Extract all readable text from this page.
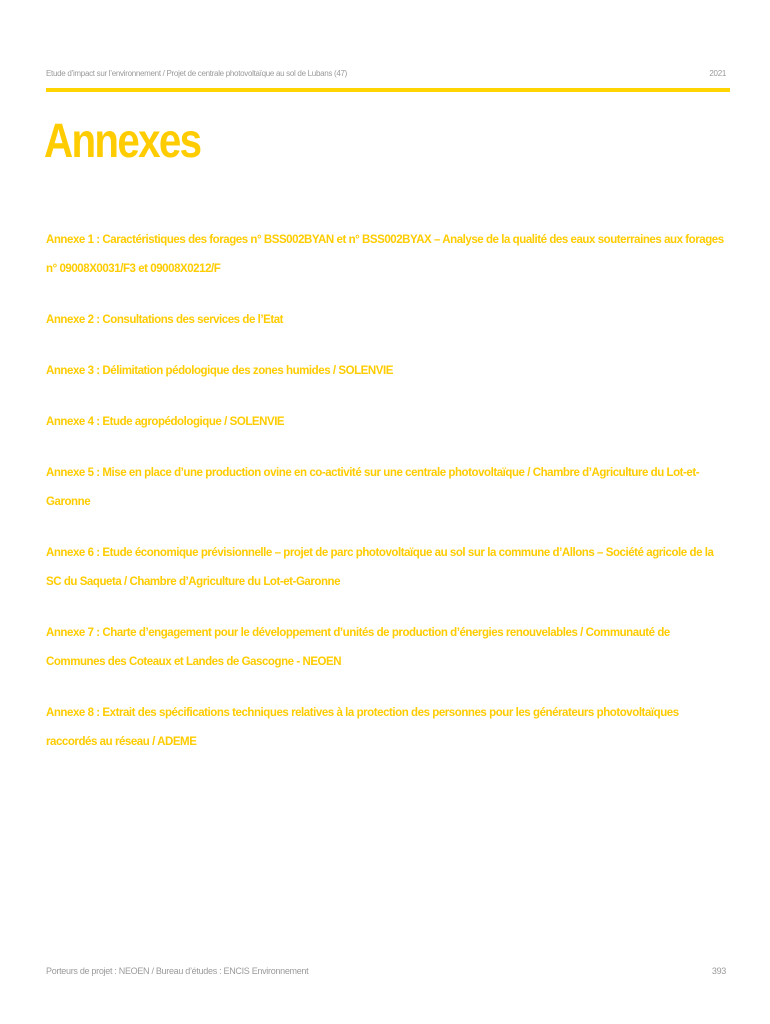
Etude d’impact sur l’environnement / Projet de centrale photovoltaïque au sol de Lubans (47)	2021
Annexes
Annexe 1 : Caractéristiques des forages n° BSS002BYAN et n° BSS002BYAX – Analyse de la qualité des eaux souterraines aux forages n° 09008X0031/F3 et 09008X0212/F
Annexe 2 : Consultations des services de l’Etat
Annexe 3 : Délimitation pédologique des zones humides / SOLENVIE
Annexe 4 : Etude agropédologique / SOLENVIE
Annexe 5 : Mise en place d’une production ovine en co-activité sur une centrale photovoltaïque / Chambre d’Agriculture du Lot-et-Garonne
Annexe 6 : Etude économique prévisionnelle – projet de parc photovoltaïque au sol sur la commune d’Allons – Société agricole de la SC du Saqueta / Chambre d’Agriculture du Lot-et-Garonne
Annexe 7 : Charte d’engagement pour le développement d’unités de production d’énergies renouvelables / Communauté de Communes des Coteaux et Landes de Gascogne - NEOEN
Annexe 8 : Extrait des spécifications techniques relatives à la protection des personnes pour les générateurs photovoltaïques raccordés au réseau / ADEME
Porteurs de projet : NEOEN / Bureau d’études : ENCIS Environnement	393
